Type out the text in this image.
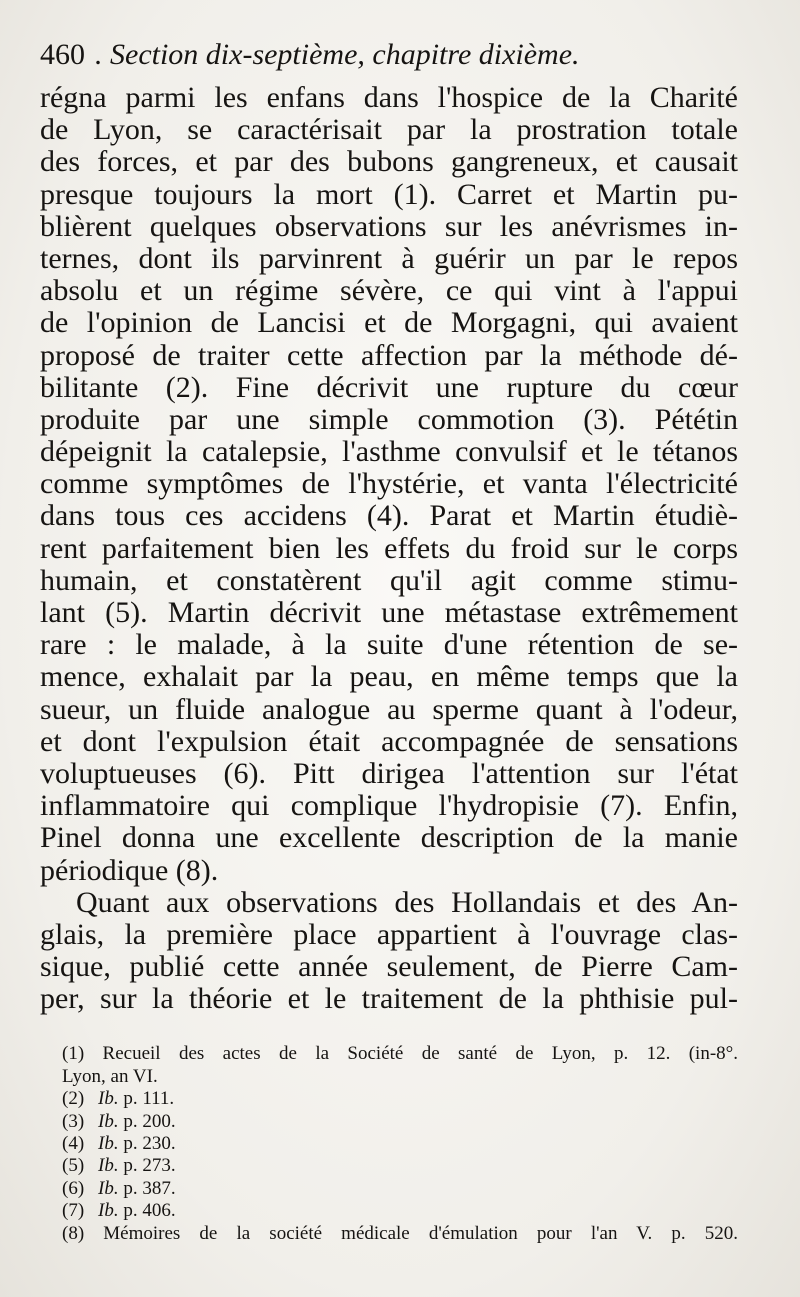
460 . Section dix-septième, chapitre dixième.
régna parmi les enfans dans l'hospice de la Charité
de Lyon, se caractérisait par la prostration totale
des forces, et par des bubons gangreneux, et causait
presque toujours la mort (1). Carret et Martin pu-
blièrent quelques observations sur les anévrismes in-
ternes, dont ils parvinrent à guérir un par le repos
absolu et un régime sévère, ce qui vint à l'appui
de l'opinion de Lancisi et de Morgagni, qui avaient
proposé de traiter cette affection par la méthode dé-
bilitante (2). Fine décrivit une rupture du cœur
produite par une simple commotion (3). Pététin
dépeignit la catalepsie, l'asthme convulsif et le tétanos
comme symptômes de l'hystérie, et vanta l'électricité
dans tous ces accidens (4). Parat et Martin étudiè-
rent parfaitement bien les effets du froid sur le corps
humain, et constatèrent qu'il agit comme stimu-
lant (5). Martin décrivit une métastase extrêmement
rare : le malade, à la suite d'une rétention de se-
mence, exhalait par la peau, en même temps que la
sueur, un fluide analogue au sperme quant à l'odeur,
et dont l'expulsion était accompagnée de sensations
voluptueuses (6). Pitt dirigea l'attention sur l'état
inflammatoire qui complique l'hydropisie (7). Enfin,
Pinel donna une excellente description de la manie
périodique (8).
Quant aux observations des Hollandais et des An-
glais, la première place appartient à l'ouvrage clas-
sique, publié cette année seulement, de Pierre Cam-
per, sur la théorie et le traitement de la phthisie pul-
(1) Recueil des actes de la Société de santé de Lyon, p. 12. (in-8°.
Lyon, an VI.
(2) Ib. p. 111.
(3) Ib. p. 200.
(4) Ib. p. 230.
(5) Ib. p. 273.
(6) Ib. p. 387.
(7) Ib. p. 406.
(8) Mémoires de la société médicale d'émulation pour l'an V. p. 520.
